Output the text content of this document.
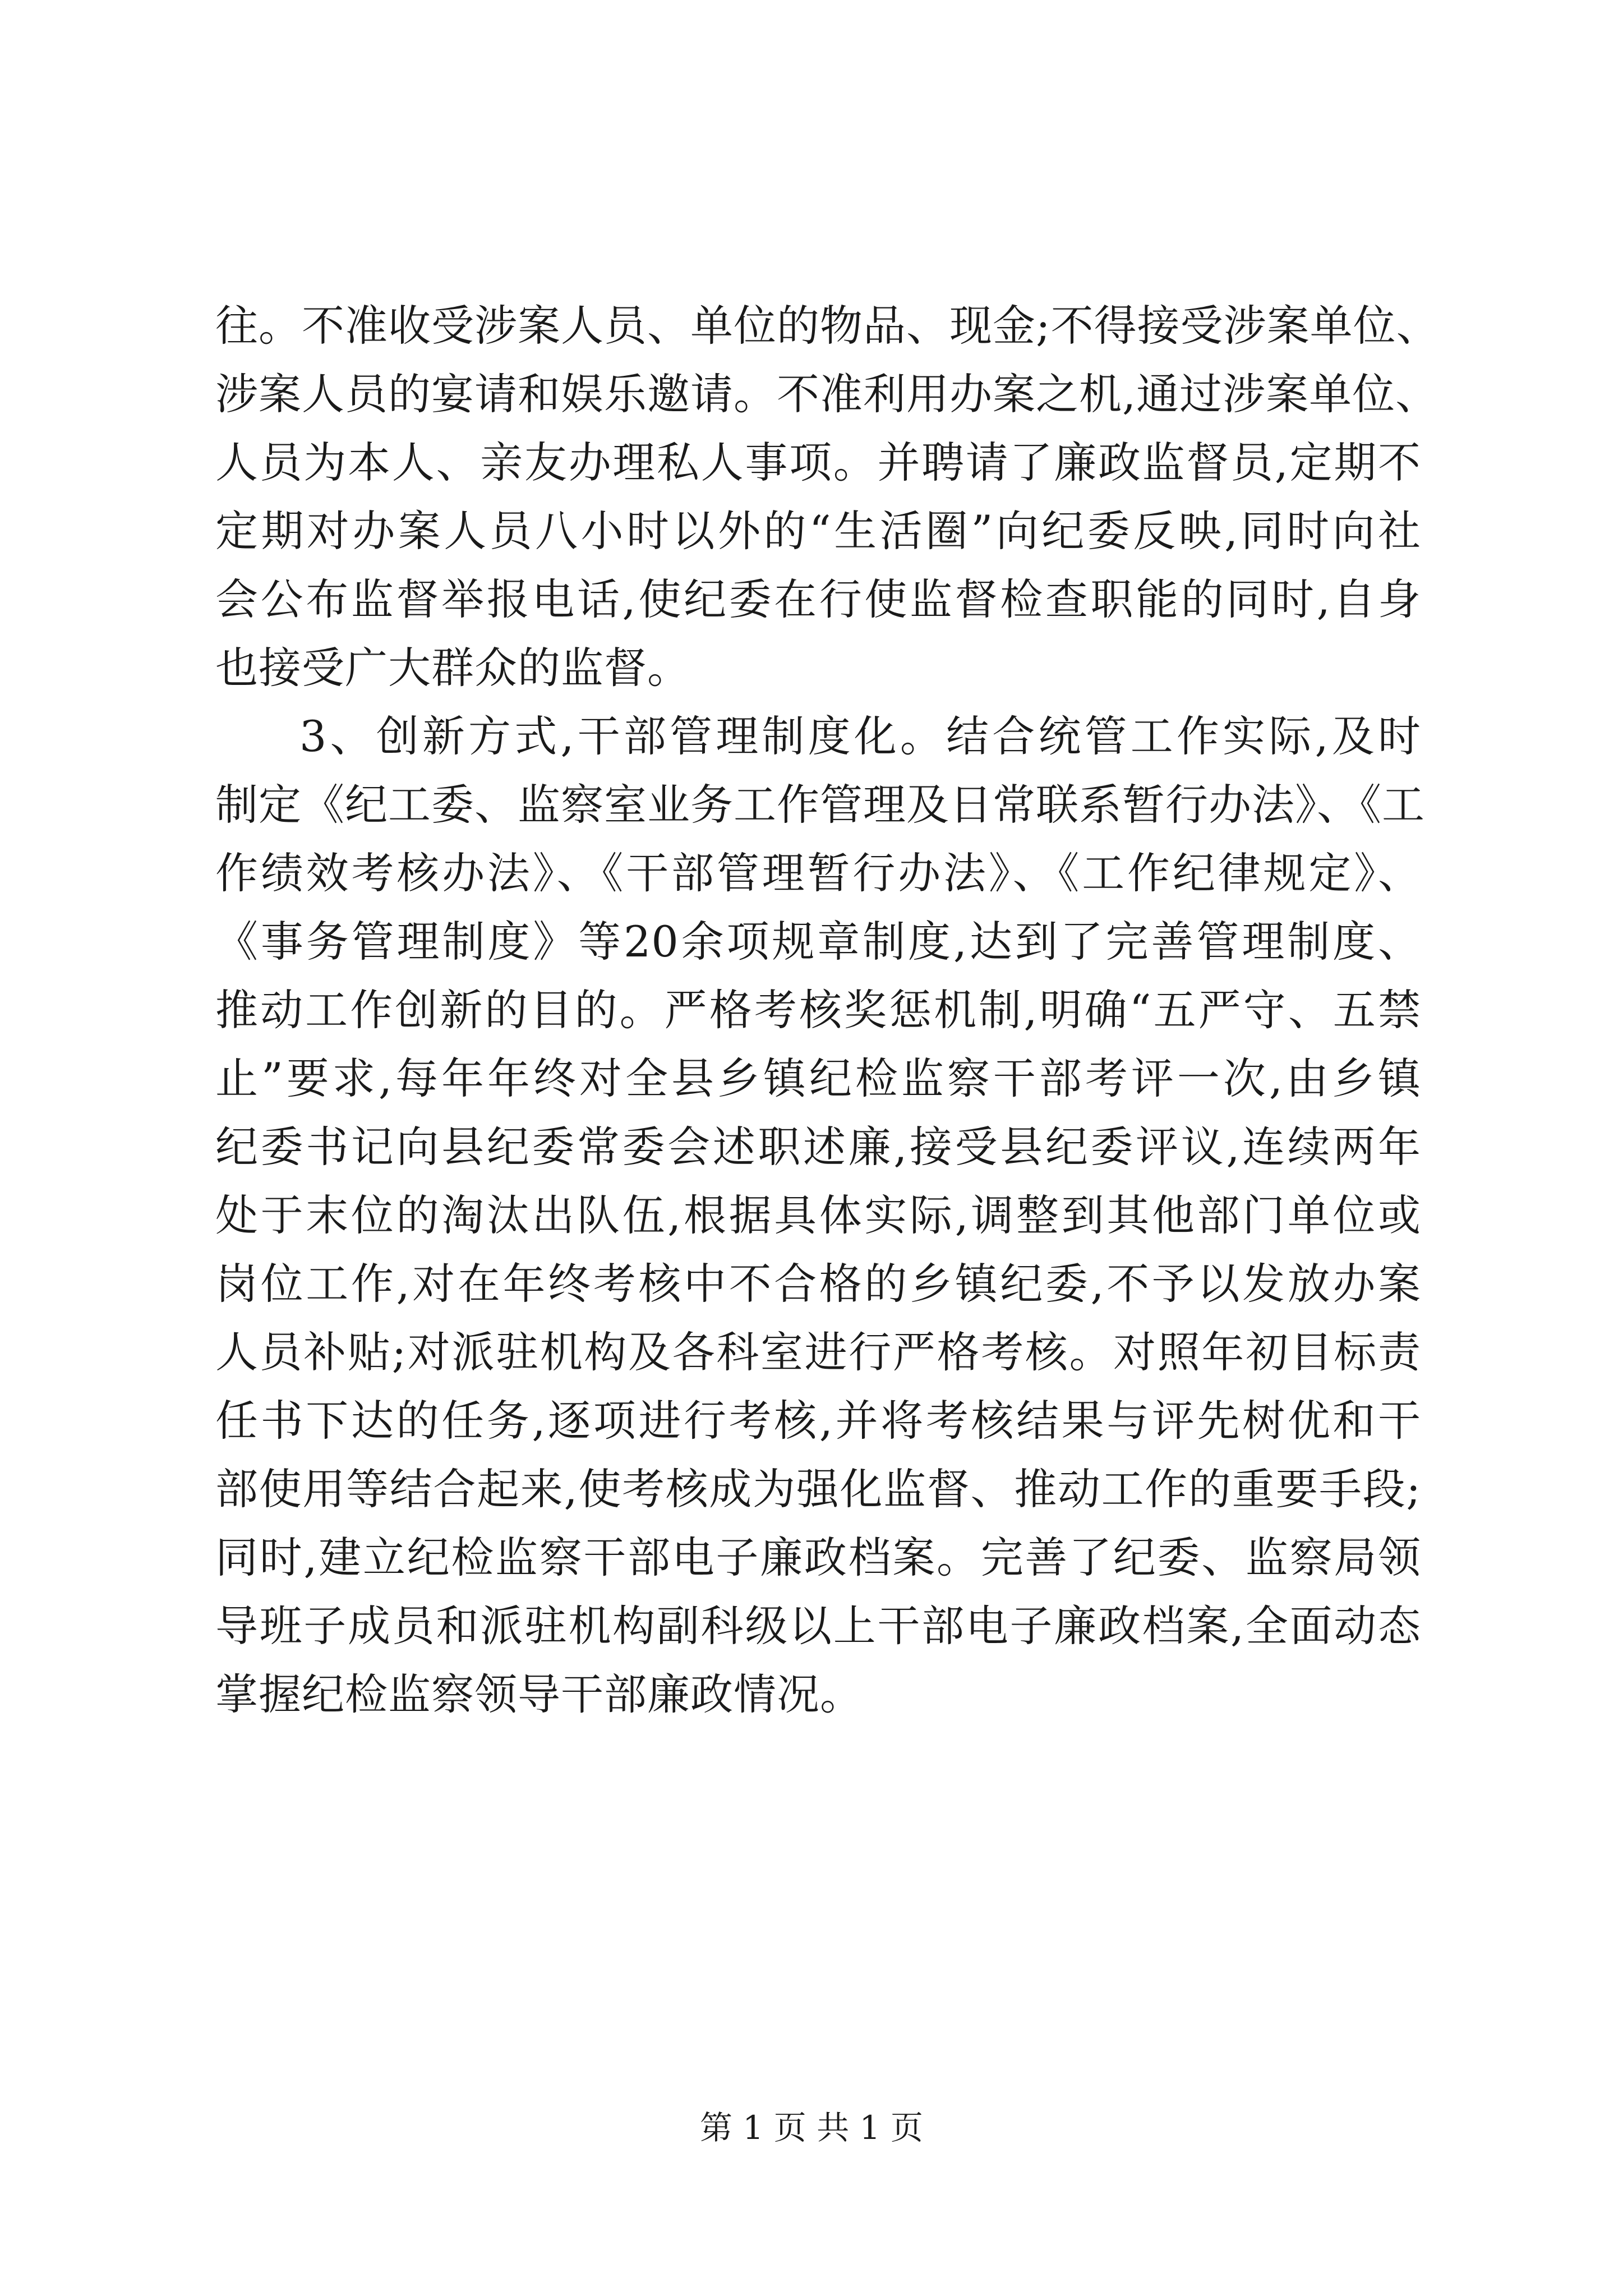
往。不准收受涉案人员、单位的物品、现金;不得接受涉案单位、
涉案人员的宴请和娱乐邀请。不准利用办案之机,通过涉案单位、
人员为本人、亲友办理私人事项。并聘请了廉政监督员,定期不
定期对办案人员八小时以外的“生活圈”向纪委反映,同时向社
会公布监督举报电话,使纪委在行使监督检查职能的同时,自身
也接受广大群众的监督。
3、创新方式,干部管理制度化。结合统管工作实际,及时
制定《纪工委、监察室业务工作管理及日常联系暂行办法》、《工
作绩效考核办法》、《干部管理暂行办法》、《工作纪律规定》、
《事务管理制度》等20余项规章制度,达到了完善管理制度、
推动工作创新的目的。严格考核奖惩机制,明确“五严守、五禁
止”要求,每年年终对全县乡镇纪检监察干部考评一次,由乡镇
纪委书记向县纪委常委会述职述廉,接受县纪委评议,连续两年
处于末位的淘汰出队伍,根据具体实际,调整到其他部门单位或
岗位工作,对在年终考核中不合格的乡镇纪委,不予以发放办案
人员补贴;对派驻机构及各科室进行严格考核。对照年初目标责
任书下达的任务,逐项进行考核,并将考核结果与评先树优和干
部使用等结合起来,使考核成为强化监督、推动工作的重要手段;
同时,建立纪检监察干部电子廉政档案。完善了纪委、监察局领
导班子成员和派驻机构副科级以上干部电子廉政档案,全面动态
掌握纪检监察领导干部廉政情况。
第 1 页 共 1 页
